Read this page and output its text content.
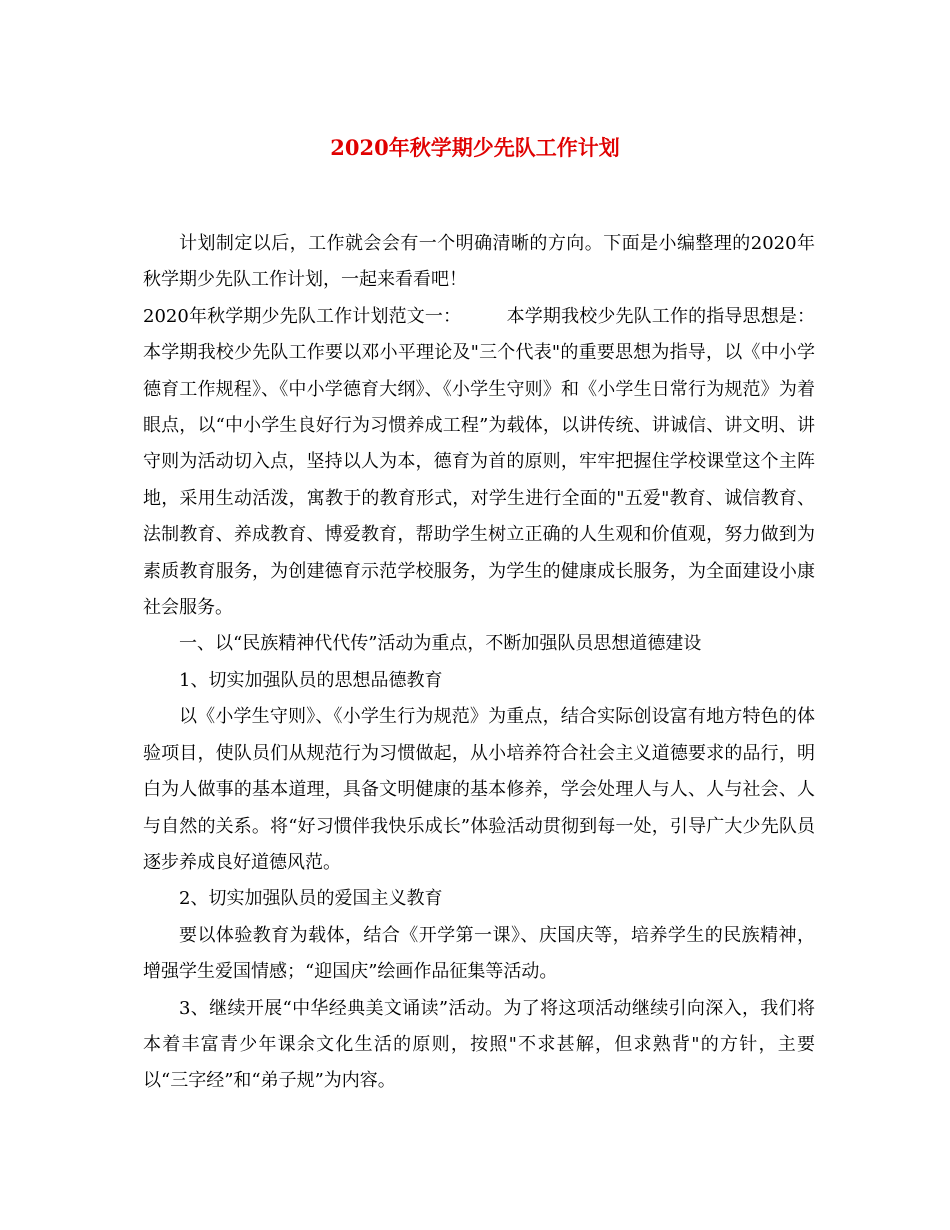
2020年秋学期少先队工作计划

计划制定以后，工作就会会有一个明确清晰的方向。下面是小编整理的2020年秋学期少先队工作计划，一起来看看吧！

2020年秋学期少先队工作计划范文一：　　　本学期我校少先队工作的指导思想是：本学期我校少先队工作要以邓小平理论及"三个代表"的重要思想为指导，以《中小学德育工作规程》、《中小学德育大纲》、《小学生守则》和《小学生日常行为规范》为着眼点，以“中小学生良好行为习惯养成工程”为载体，以讲传统、讲诚信、讲文明、讲守则为活动切入点，坚持以人为本，德育为首的原则，牢牢把握住学校课堂这个主阵地，采用生动活泼，寓教于的教育形式，对学生进行全面的"五爱"教育、诚信教育、法制教育、养成教育、博爱教育，帮助学生树立正确的人生观和价值观，努力做到为素质教育服务，为创建德育示范学校服务，为学生的健康成长服务，为全面建设小康社会服务。

一、以“民族精神代代传”活动为重点，不断加强队员思想道德建设

1、切实加强队员的思想品德教育

以《小学生守则》、《小学生行为规范》为重点，结合实际创设富有地方特色的体验项目，使队员们从规范行为习惯做起，从小培养符合社会主义道德要求的品行，明白为人做事的基本道理，具备文明健康的基本修养，学会处理人与人、人与社会、人与自然的关系。将“好习惯伴我快乐成长”体验活动贯彻到每一处，引导广大少先队员逐步养成良好道德风范。

2、切实加强队员的爱国主义教育

要以体验教育为载体，结合《开学第一课》、庆国庆等，培养学生的民族精神，增强学生爱国情感；“迎国庆”绘画作品征集等活动。

3、继续开展“中华经典美文诵读”活动。为了将这项活动继续引向深入，我们将本着丰富青少年课余文化生活的原则，按照"不求甚解，但求熟背"的方针，主要以“三字经”和“弟子规”为内容。
